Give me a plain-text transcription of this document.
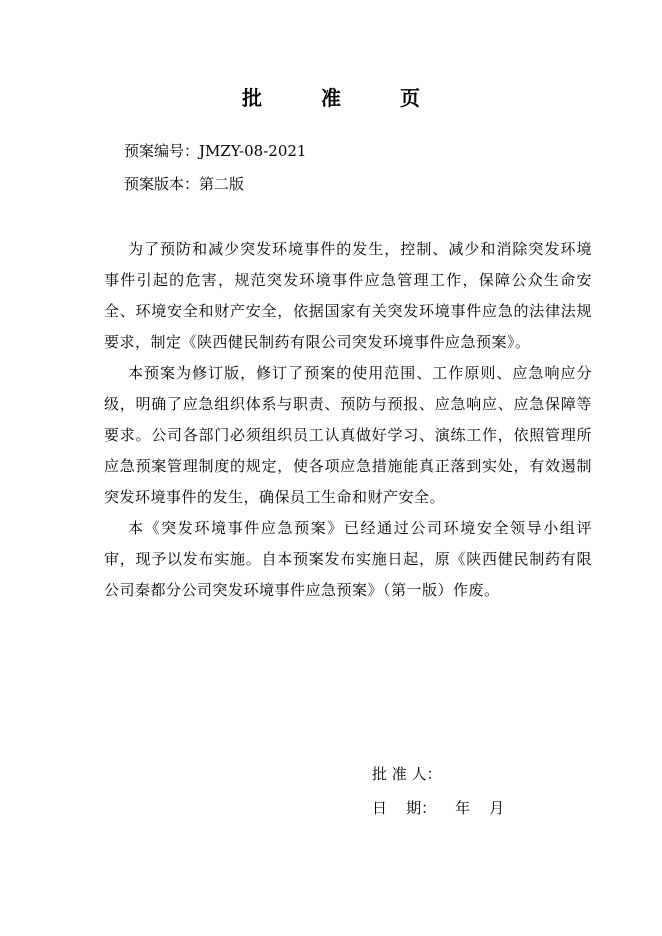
批 准 页
预案编号：JMZY-08-2021
预案版本：第二版

为了预防和减少突发环境事件的发生，控制、减少和消除突发环境事件引起的危害，规范突发环境事件应急管理工作，保障公众生命安全、环境安全和财产安全，依据国家有关突发环境事件应急的法律法规要求，制定《陕西健民制药有限公司突发环境事件应急预案》。

本预案为修订版，修订了预案的使用范围、工作原则、应急响应分级，明确了应急组织体系与职责、预防与预报、应急响应、应急保障等要求。公司各部门必须组织员工认真做好学习、演练工作，依照管理所应急预案管理制度的规定，使各项应急措施能真正落到实处，有效遏制突发环境事件的发生，确保员工生命和财产安全。

本《突发环境事件应急预案》已经通过公司环境安全领导小组评审，现予以发布实施。自本预案发布实施日起，原《陕西健民制药有限公司秦都分公司突发环境事件应急预案》（第一版）作废。

批 准 人：
日    期：    年    月
